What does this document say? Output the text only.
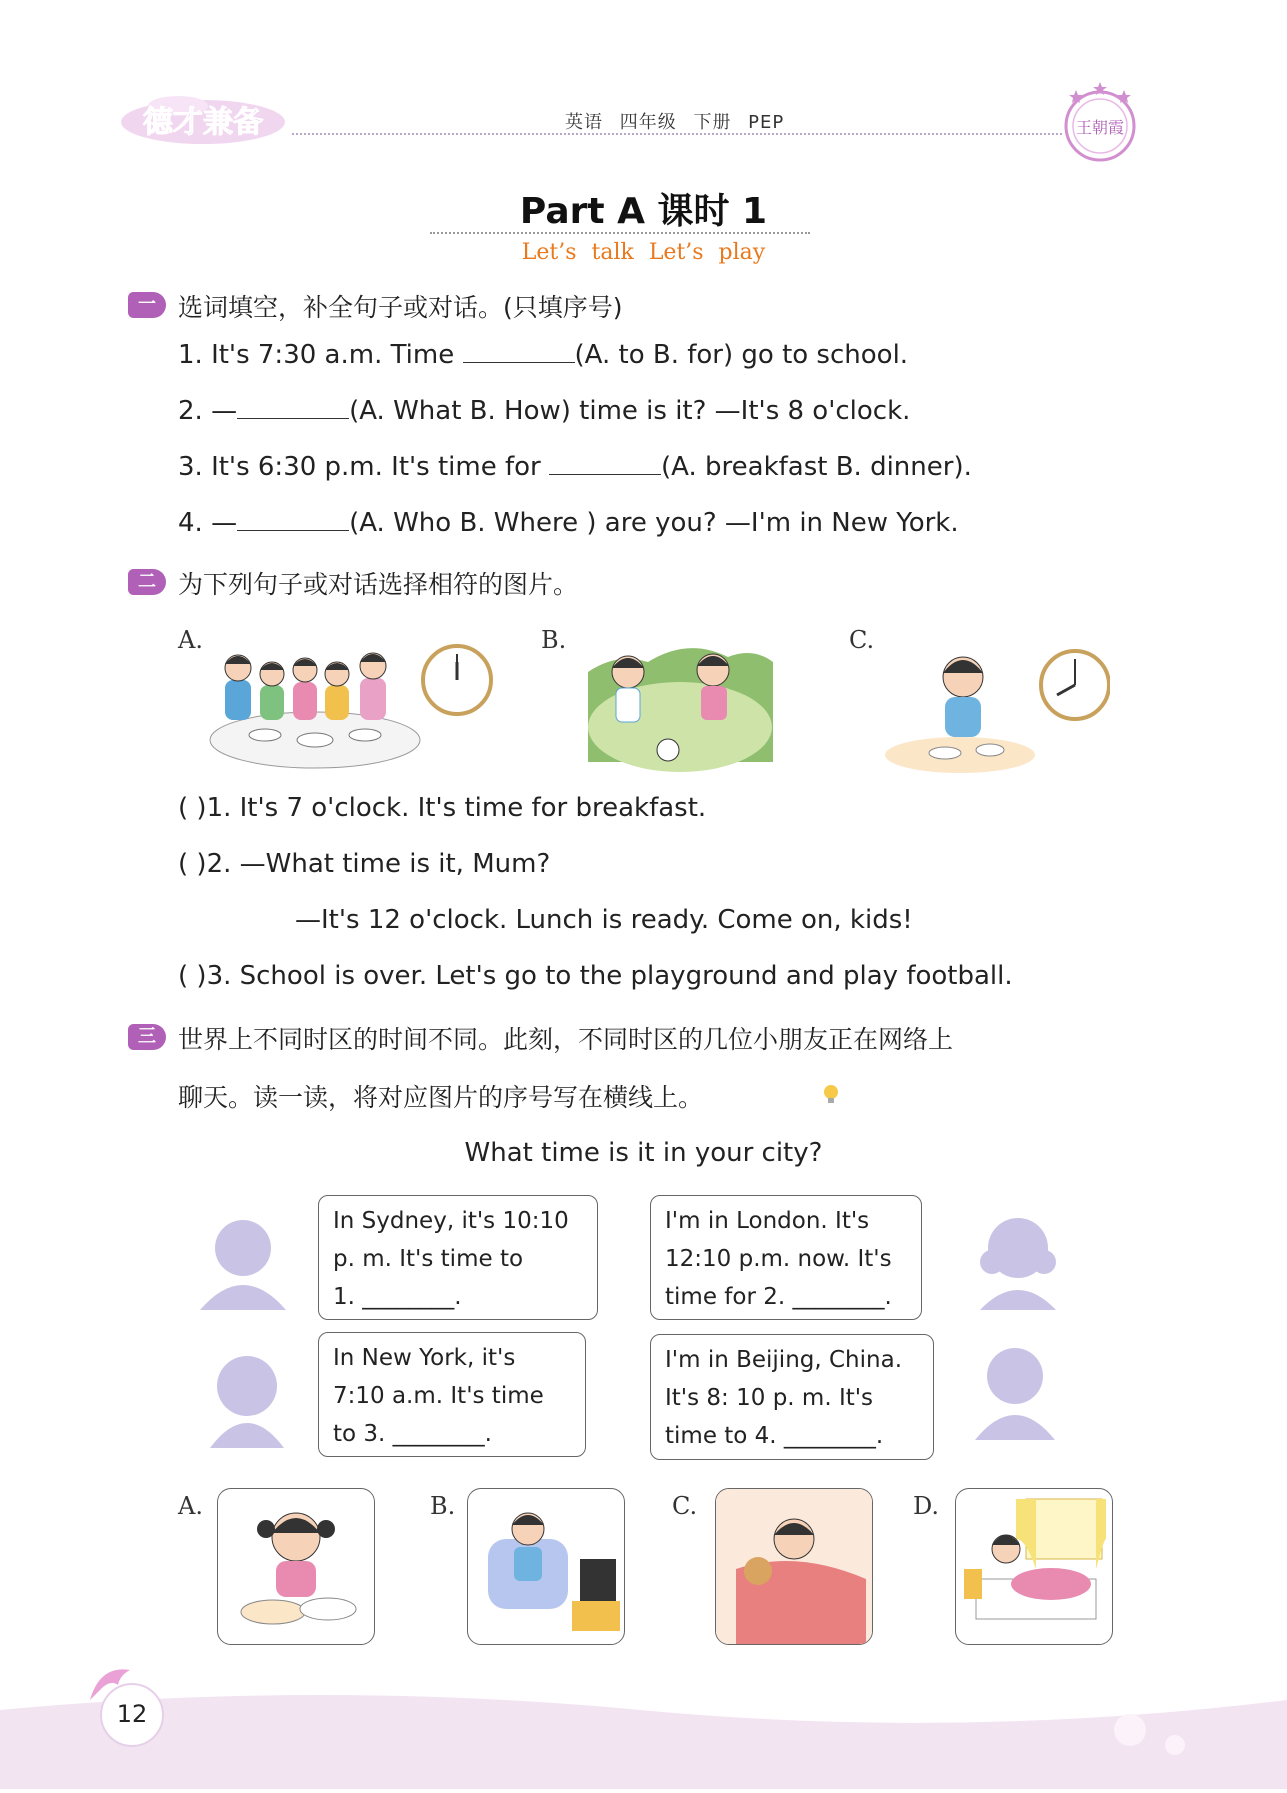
德才兼备	英语 四年级 下册 PEP	王朝霞
Part A 课时 1
Let’s talk Let’s play
一 选词填空，补全句子或对话。(只填序号)
1. It's 7:30 a.m. Time	(A. to B. for) go to school.
2. —	(A. What B. How) time is it? —It's 8 o'clock.
3. It's 6:30 p.m. It's time for	(A. breakfast B. dinner).
4. —	(A. Who B. Where ) are you? —I'm in New York.
二 为下列句子或对话选择相符的图片。
A.	B.	C.
( )1. It's 7 o'clock. It's time for breakfast.
( )2. —What time is it, Mum?
—It's 12 o'clock. Lunch is ready. Come on, kids!
( )3. School is over. Let's go to the playground and play football.
三 世界上不同时区的时间不同。此刻，不同时区的几位小朋友正在网络上
聊天。读一读，将对应图片的序号写在横线上。
What time is it in your city?
In Sydney, it's 10:10
p. m. It's time to
1. ________.
I'm in London. It's
12:10 p.m. now. It's
time for 2. ________.
In New York, it's
7:10 a.m. It's time
to 3. ________.
I'm in Beijing, China.
It's 8: 10 p. m. It's
time to 4. ________.
A.	B.	C.	D.
12
